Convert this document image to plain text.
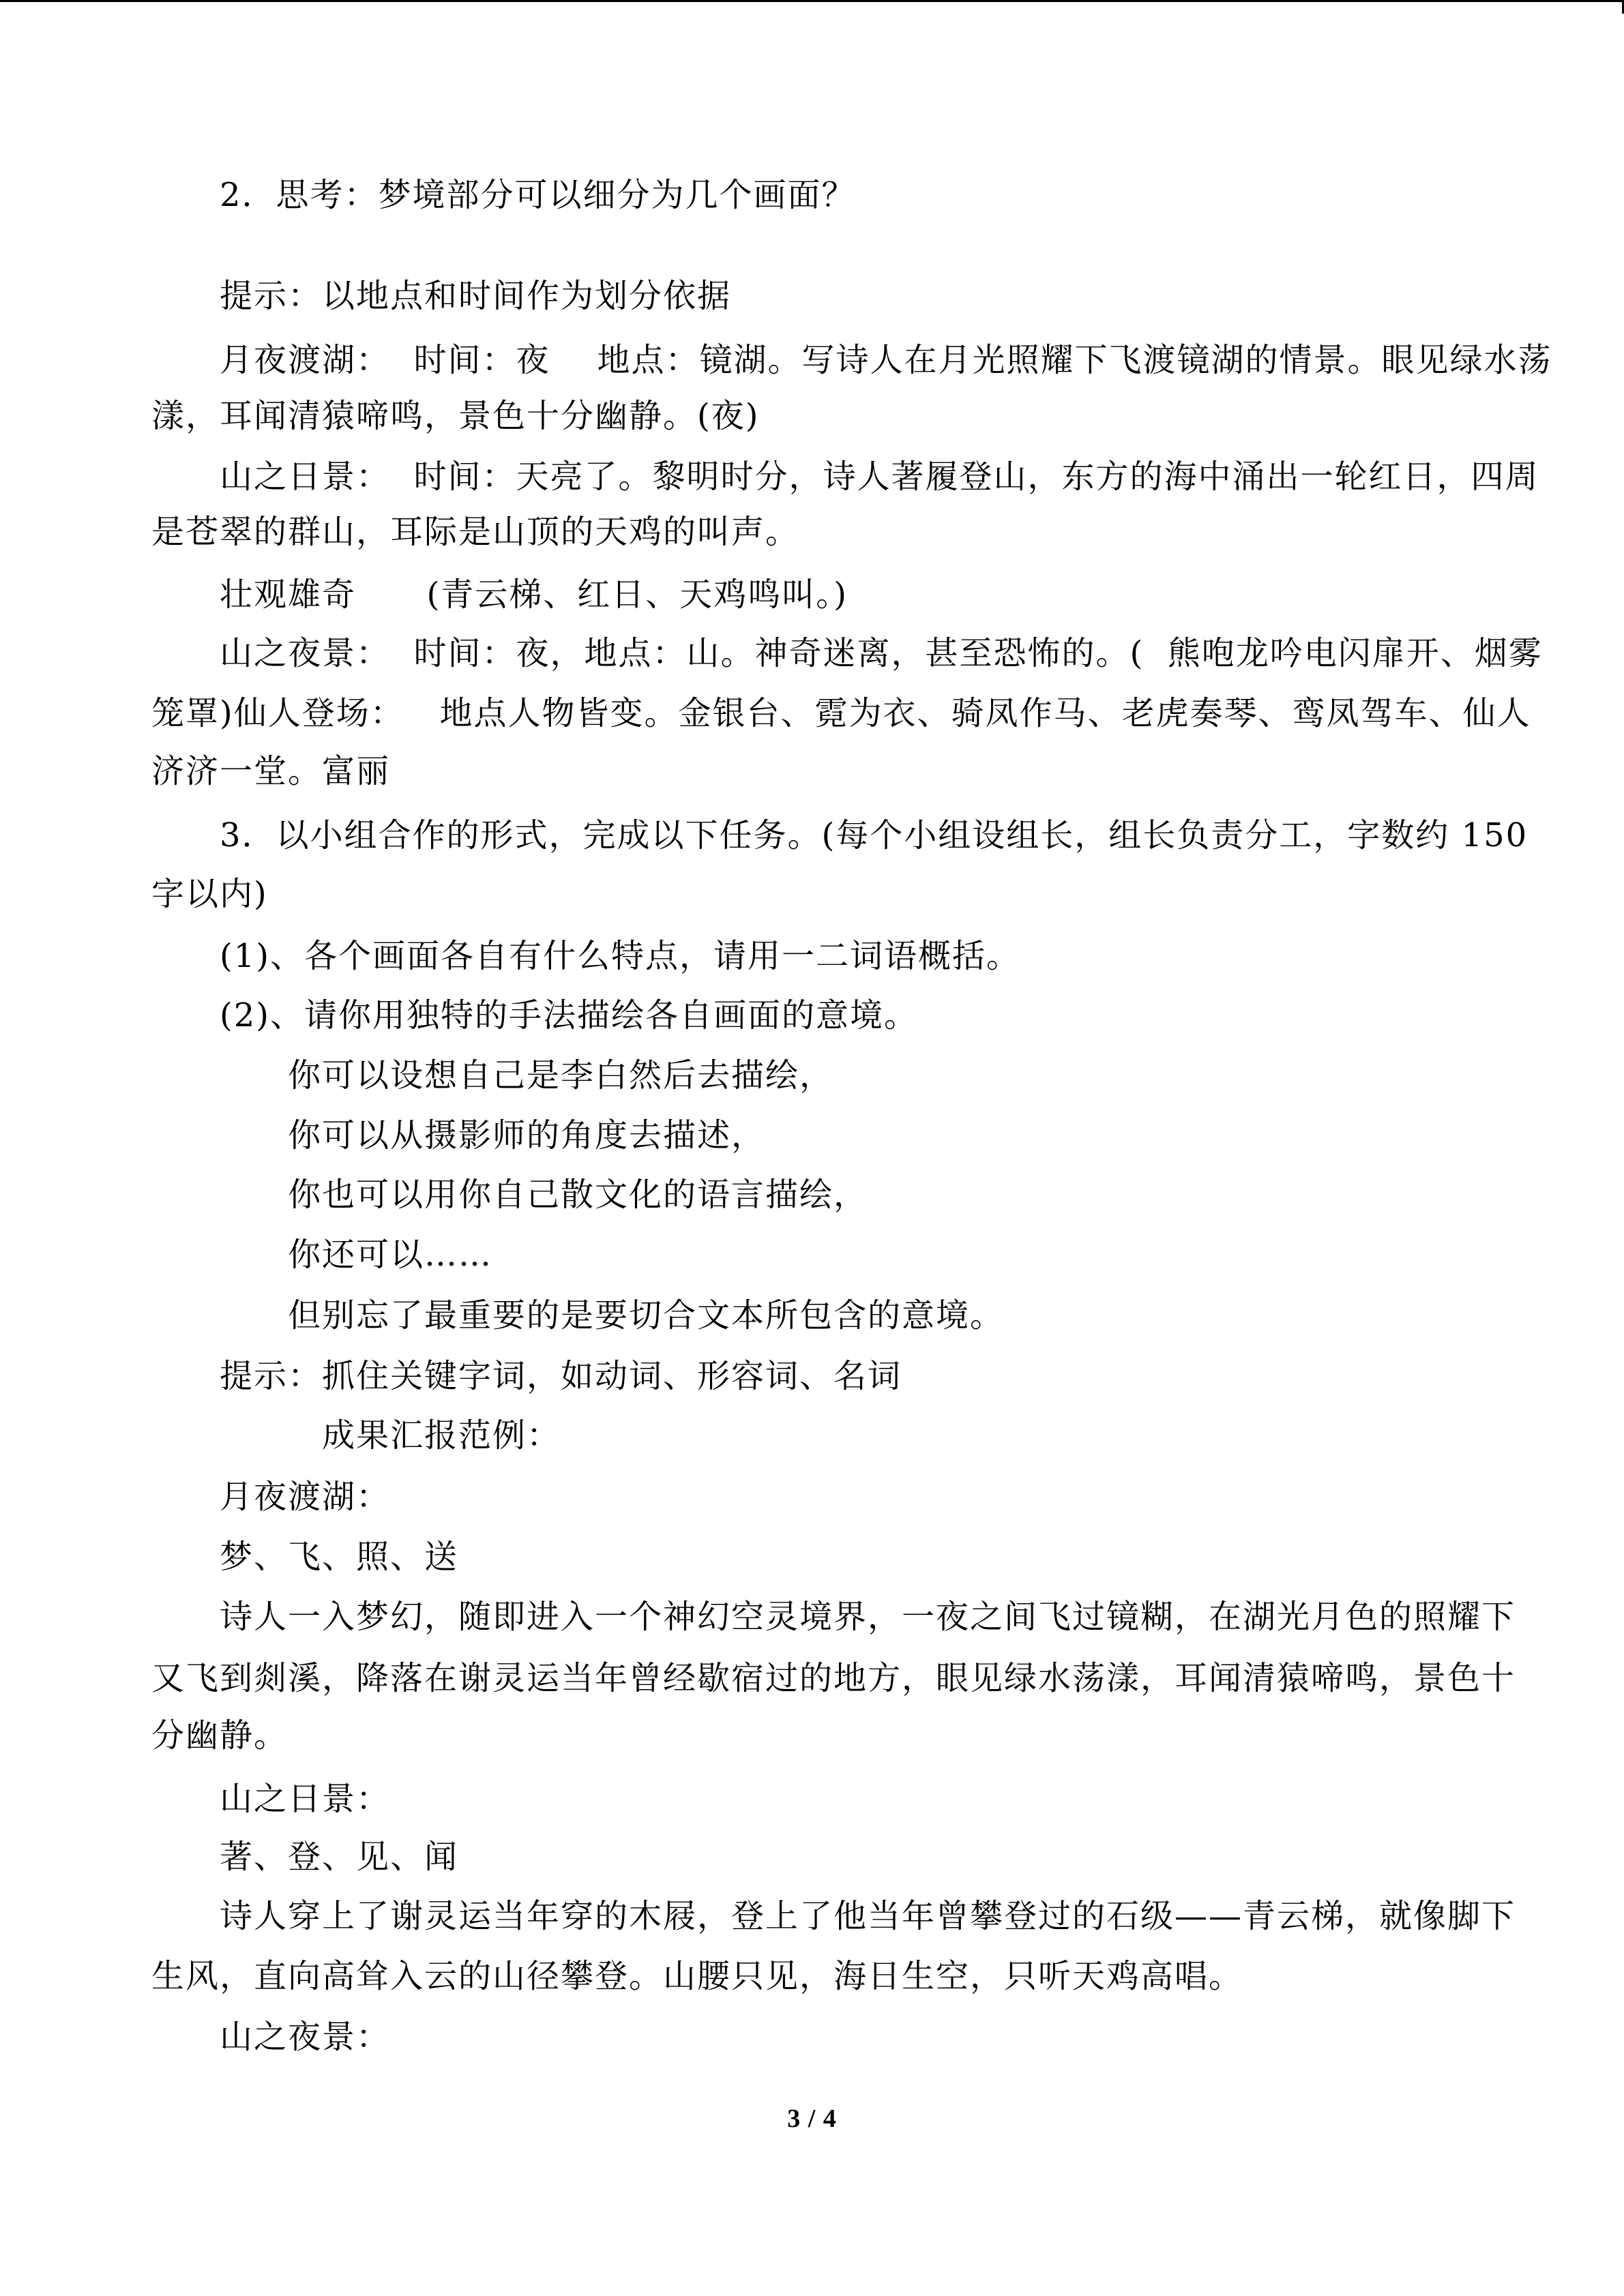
　　2．思考：梦境部分可以细分为几个画面？
　　提示：以地点和时间作为划分依据
　　月夜渡湖：  时间：夜    地点：镜湖。写诗人在月光照耀下飞渡镜湖的情景。眼见绿水荡
漾，耳闻清猿啼鸣，景色十分幽静。(夜)
　　山之日景：  时间：天亮了。黎明时分，诗人著履登山，东方的海中涌出一轮红日，四周
是苍翠的群山，耳际是山顶的天鸡的叫声。
　　壮观雄奇      (青云梯、红日、天鸡鸣叫。)
　　山之夜景：  时间：夜，地点：山。神奇迷离，甚至恐怖的。(  熊咆龙吟电闪扉开、烟雾
笼罩)仙人登场：   地点人物皆变。金银台、霓为衣、骑凤作马、老虎奏琴、鸾凤驾车、仙人
济济一堂。富丽
　　3．以小组合作的形式，完成以下任务。(每个小组设组长，组长负责分工，字数约 150
字以内)
　　(1)、各个画面各自有什么特点，请用一二词语概括。
　　(2)、请你用独特的手法描绘各自画面的意境。
　　　　你可以设想自己是李白然后去描绘，
　　　　你可以从摄影师的角度去描述，
　　　　你也可以用你自己散文化的语言描绘，
　　　　你还可以……
　　　　但别忘了最重要的是要切合文本所包含的意境。
　　提示：抓住关键字词，如动词、形容词、名词
　　　　　成果汇报范例：
　　月夜渡湖：
　　梦、飞、照、送
　　诗人一入梦幻，随即进入一个神幻空灵境界，一夜之间飞过镜糊，在湖光月色的照耀下
又飞到剡溪，降落在谢灵运当年曾经歇宿过的地方，眼见绿水荡漾，耳闻清猿啼鸣，景色十
分幽静。
　　山之日景：
　　著、登、见、闻
　　诗人穿上了谢灵运当年穿的木屐，登上了他当年曾攀登过的石级——青云梯，就像脚下
生风，直向高耸入云的山径攀登。山腰只见，海日生空，只听天鸡高唱。
　　山之夜景：
3 / 4
